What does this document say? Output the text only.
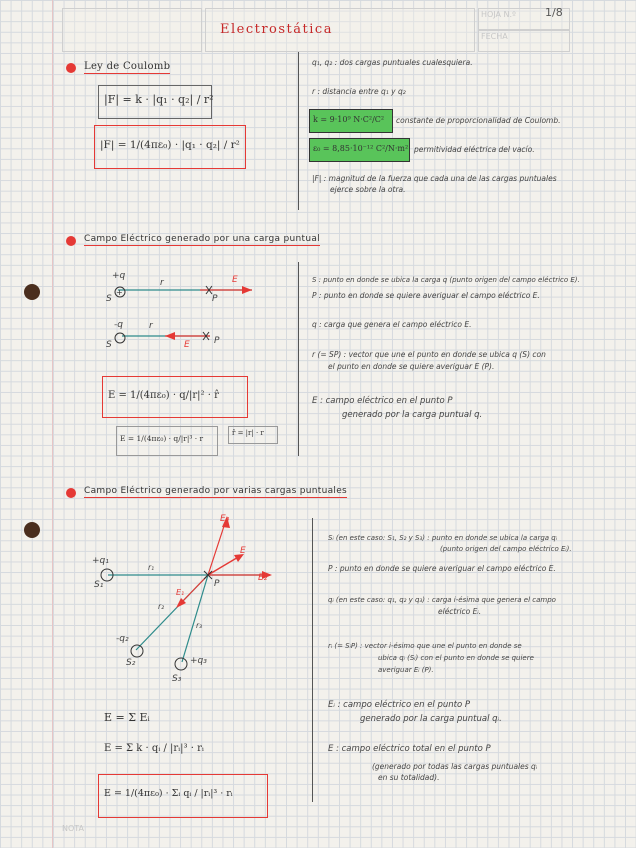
Electrostática
HOJA N.º
FECHA
1/8
NOTA
Ley de Coulomb
|F| = k · |q₁ · q₂| / r²
|F| = 1/(4πε₀) · |q₁ · q₂| / r²
q₁, q₂ : dos cargas puntuales cualesquiera.
r : distancia entre q₁ y q₂
k = 9·10⁹ N·C²/C² constante de proporcionalidad de Coulomb.
ε₀ = 8,85·10⁻¹² C²/N·m² permitividad eléctrica del vacío.
|F| : magnitud de la fuerza que cada una de las cargas puntuales
ejerce sobre la otra.
Campo Eléctrico generado por una carga puntual
+
+q
S
r	E
P
-q
S
r
E	P
E = 1/(4πε₀) · q/|r|² · r̂
E = 1/(4πε₀) · q/|r|³ · r
r̂ = |r| · r
S : punto en donde se ubica la carga q (punto origen del campo eléctrico E).
P : punto en donde se quiere averiguar el campo eléctrico E.
q : carga que genera el campo eléctrico E.
r (= SP) : vector que une el punto en donde se ubica q (S) con
el punto en donde se quiere averiguar E (P).
E : campo eléctrico en el punto P
generado por la carga puntual q.
Campo Eléctrico generado por varias cargas puntuales
+q₁
S₁
r₁
-q₂
S₂
r₂
+q₃
S₃
r₃
P
E₁
E₂
E₃
E
E = Σ Eᵢ
E = Σ k · qᵢ / |rᵢ|³ · rᵢ
E = 1/(4πε₀) · Σᵢ qᵢ / |rᵢ|³ · rᵢ
Sᵢ (en este caso: S₁, S₂ y S₃) : punto en donde se ubica la carga qᵢ
(punto origen del campo eléctrico Eᵢ).
P : punto en donde se quiere averiguar el campo eléctrico E.
qᵢ (en este caso: q₁, q₂ y q₃) : carga i-ésima que genera el campo
eléctrico Eᵢ.
rᵢ (= SᵢP) : vector i-ésimo que une el punto en donde se
ubica qᵢ (Sᵢ) con el punto en donde se quiere
averiguar Eᵢ (P).
Eᵢ : campo eléctrico en el punto P
generado por la carga puntual qᵢ.
E : campo eléctrico total en el punto P
(generado por todas las cargas puntuales qᵢ
en su totalidad).
